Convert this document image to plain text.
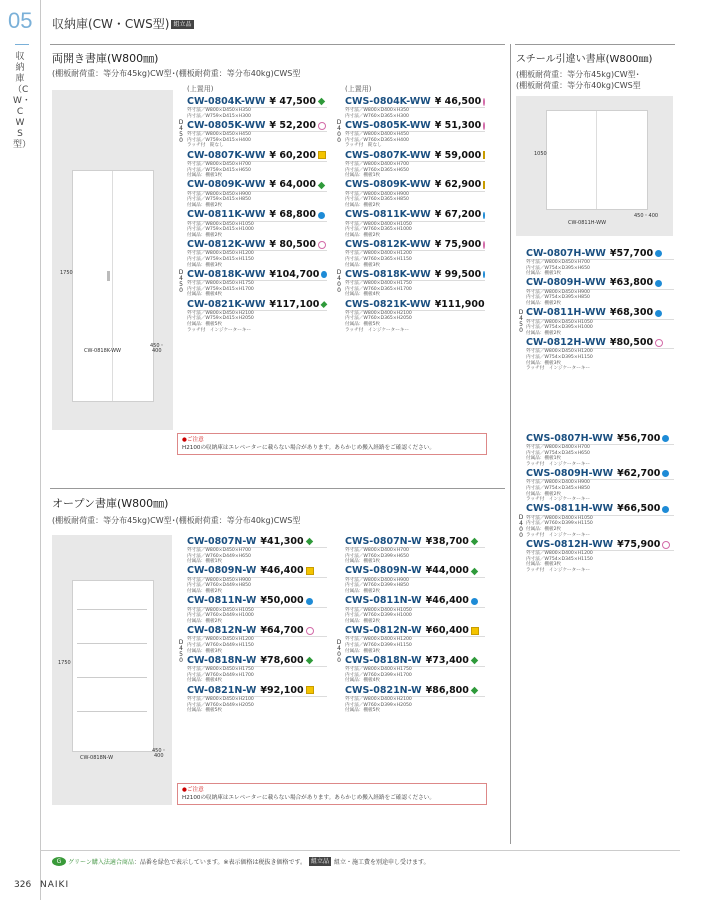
05 収納庫(CW・CWS型) 組立品
収納庫（CW・CWS型）
両開き書庫(W800㎜)
(棚板耐荷重：等分布45kg)CW型･(棚板耐荷重：等分布40kg)CWS型
1750
450・
400
CW-0818K-WW
D
4
5
0
D
4
5
0
D
4
0
0
D
4
0
0
(上置用)	(上置用)
CW-0804K-WW ¥ 47,500
外寸法／W800×D450×H350
内寸法／W759×D415×H300
CW-0805K-WW ¥ 52,200
外寸法／W800×D450×H450
内寸法／W759×D415×H400
ラッチ付　錠なし
CW-0807K-WW ¥ 60,200
外寸法／W800×D450×H700
内寸法／W759×D415×H650
付属品：棚板1枚
CW-0809K-WW ¥ 64,000
外寸法／W800×D450×H900
内寸法／W759×D415×H850
付属品：棚板2枚
CW-0811K-WW ¥ 68,800
外寸法／W800×D450×H1050
内寸法／W759×D415×H1000
付属品：棚板2枚
CW-0812K-WW ¥ 80,500
外寸法／W800×D450×H1200
内寸法／W759×D415×H1150
付属品：棚板3枚
CW-0818K-WW ¥104,700
外寸法／W800×D450×H1750
内寸法／W759×D415×H1700
付属品：棚板4枚
CW-0821K-WW ¥117,100
外寸法／W800×D450×H2100
内寸法／W759×D415×H2050
付属品：棚板5枚
ラッチ付　インジケーターキー
CWS-0804K-WW ¥ 46,500
外寸法／W800×D400×H350
内寸法／W760×D365×H300
CWS-0805K-WW ¥ 51,300
外寸法／W800×D400×H450
内寸法／W760×D365×H400
ラッチ付　錠なし
CWS-0807K-WW ¥ 59,000
外寸法／W800×D400×H700
内寸法／W760×D365×H650
付属品：棚板1枚
CWS-0809K-WW ¥ 62,900
外寸法／W800×D400×H900
内寸法／W760×D365×H850
付属品：棚板2枚
CWS-0811K-WW ¥ 67,200
外寸法／W800×D400×H1050
内寸法／W760×D365×H1000
付属品：棚板2枚
CWS-0812K-WW ¥ 75,900
外寸法／W800×D400×H1200
内寸法／W760×D365×H1150
付属品：棚板3枚
CWS-0818K-WW ¥ 99,500
外寸法／W800×D400×H1750
内寸法／W760×D365×H1700
付属品：棚板4枚
CWS-0821K-WW ¥111,900
外寸法／W800×D400×H2100
内寸法／W760×D365×H2050
付属品：棚板5枚
ラッチ付　インジケーターキー
●ご注意
H2100の収納庫はエレベーターに載らない場合があります。あらかじめ搬入経路をご確認ください。
オープン書庫(W800㎜)
(棚板耐荷重：等分布45kg)CW型･(棚板耐荷重：等分布40kg)CWS型
1750
450・
400
CW-0818N-W
D
4
5
0
D
4
0
0
CW-0807N-W ¥41,300
外寸法／W800×D450×H700
内寸法／W760×D449×H650
付属品：棚板1枚
CW-0809N-W ¥46,400
外寸法／W800×D450×H900
内寸法／W760×D449×H850
付属品：棚板2枚
CW-0811N-W ¥50,000
外寸法／W800×D450×H1050
内寸法／W760×D449×H1000
付属品：棚板2枚
CW-0812N-W ¥64,700
外寸法／W800×D450×H1200
内寸法／W760×D449×H1150
付属品：棚板3枚
CW-0818N-W ¥78,600
外寸法／W800×D450×H1750
内寸法／W760×D449×H1700
付属品：棚板4枚
CW-0821N-W ¥92,100
外寸法／W800×D450×H2100
内寸法／W760×D449×H2050
付属品：棚板5枚
CWS-0807N-W ¥38,700
外寸法／W800×D400×H700
内寸法／W760×D399×H650
付属品：棚板1枚
CWS-0809N-W ¥44,000
外寸法／W800×D400×H900
内寸法／W760×D399×H850
付属品：棚板2枚
CWS-0811N-W ¥46,400
外寸法／W800×D400×H1050
内寸法／W760×D399×H1000
付属品：棚板2枚
CWS-0812N-W ¥60,400
外寸法／W800×D400×H1200
内寸法／W760×D399×H1150
付属品：棚板3枚
CWS-0818N-W ¥73,400
外寸法／W800×D400×H1750
内寸法／W760×D399×H1700
付属品：棚板4枚
CWS-0821N-W ¥86,800
外寸法／W800×D400×H2100
内寸法／W760×D399×H2050
付属品：棚板5枚
●ご注意
H2100の収納庫はエレベーターに載らない場合があります。あらかじめ搬入経路をご確認ください。
スチール引違い書庫(W800㎜)
(棚板耐荷重：等分布45kg)CW型･
(棚板耐荷重：等分布40kg)CWS型
1050
450・400
CW-0811H-WW
D
4
5
0
D
4
0
0
CW-0807H-WW ¥57,700
外寸法／W800×D450×H700
内寸法／W754×D395×H650
付属品：棚板1枚
CW-0809H-WW ¥63,800
外寸法／W800×D450×H900
内寸法／W754×D395×H850
付属品：棚板2枚
CW-0811H-WW ¥68,300
外寸法／W800×D450×H1050
内寸法／W754×D395×H1000
付属品：棚板2枚
CW-0812H-WW ¥80,500
外寸法／W800×D450×H1200
内寸法／W754×D395×H1150
付属品：棚板3枚
ラッチ付　インジケーターキー
CWS-0807H-WW ¥56,700
外寸法／W800×D400×H700
内寸法／W754×D345×H650
付属品：棚板1枚
ラッチ付　インジケーターキー
CWS-0809H-WW ¥62,700
外寸法／W800×D400×H900
内寸法／W754×D345×H850
付属品：棚板2枚
ラッチ付　インジケーターキー
CWS-0811H-WW ¥66,500
外寸法／W800×D400×H1050
内寸法／W760×D399×H1150
付属品：棚板2枚
ラッチ付　インジケーターキー
CWS-0812H-WW ¥75,900
外寸法／W800×D400×H1200
内寸法／W754×D345×H1150
付属品：棚板3枚
ラッチ付　インジケーターキー
G	グリーン購入法適合商品 ：品番を緑色で表示しています。※表示価格は税抜き価格です。 組立品 組立・施工費を別途申し受けます。
326 NAIKI
